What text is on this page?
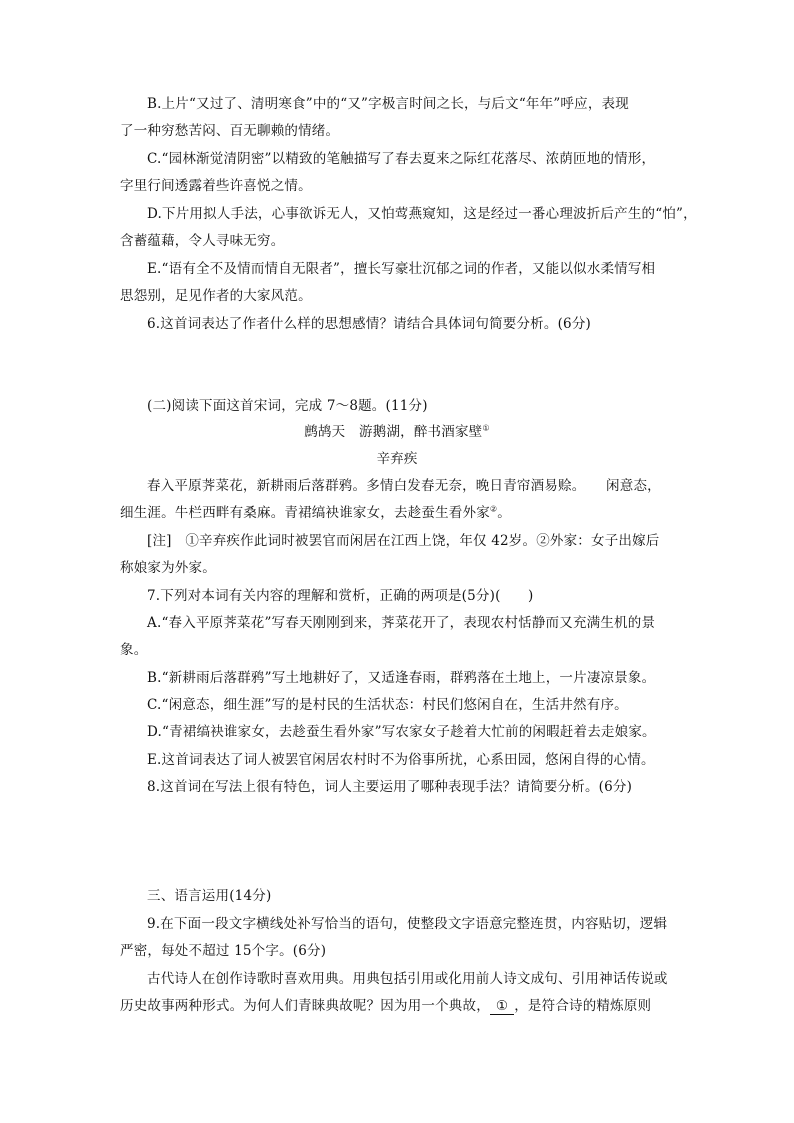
B.上片“又过了、清明寒食”中的“又”字极言时间之长，与后文“年年”呼应，表现
了一种穷愁苦闷、百无聊赖的情绪。
C.“园林渐觉清阴密”以精致的笔触描写了春去夏来之际红花落尽、浓荫匝地的情形，
字里行间透露着些许喜悦之情。
D.下片用拟人手法，心事欲诉无人，又怕莺燕窥知，这是经过一番心理波折后产生的“怕”，
含蓄蕴藉，令人寻味无穷。
E.“语有全不及情而情自无限者”，擅长写豪壮沉郁之词的作者，又能以似水柔情写相
思怨别，足见作者的大家风范。
6.这首词表达了作者什么样的思想感情？请结合具体词句简要分析。(6分)
(二)阅读下面这首宋词，完成 7～8题。(11分)
鹧鸪天　游鹅湖，醉书酒家壁①
辛弃疾
春入平原荠菜花，新耕雨后落群鸦。多情白发春无奈，晚日青帘酒易赊。　　闲意态，
细生涯。牛栏西畔有桑麻。青裙缟袂谁家女，去趁蚕生看外家②。
[注]　①辛弃疾作此词时被罢官而闲居在江西上饶，年仅 42岁。②外家：女子出嫁后
称娘家为外家。
7.下列对本词有关内容的理解和赏析，正确的两项是(5分)(　　)
A.“春入平原荠菜花”写春天刚刚到来，荠菜花开了，表现农村恬静而又充满生机的景
象。
B.“新耕雨后落群鸦”写土地耕好了，又适逢春雨，群鸦落在土地上，一片凄凉景象。
C.“闲意态，细生涯”写的是村民的生活状态：村民们悠闲自在，生活井然有序。
D.“青裙缟袂谁家女，去趁蚕生看外家”写农家女子趁着大忙前的闲暇赶着去走娘家。
E.这首词表达了词人被罢官闲居农村时不为俗事所扰，心系田园，悠闲自得的心情。
8.这首词在写法上很有特色，词人主要运用了哪种表现手法？请简要分析。(6分)
三、语言运用(14分)
9.在下面一段文字横线处补写恰当的语句，使整段文字语意完整连贯，内容贴切，逻辑
严密，每处不超过 15个字。(6分)
古代诗人在创作诗歌时喜欢用典。用典包括引用或化用前人诗文成句、引用神话传说或
历史故事两种形式。为何人们青睐典故呢？因为用一个典故， ① ，是符合诗的精炼原则
